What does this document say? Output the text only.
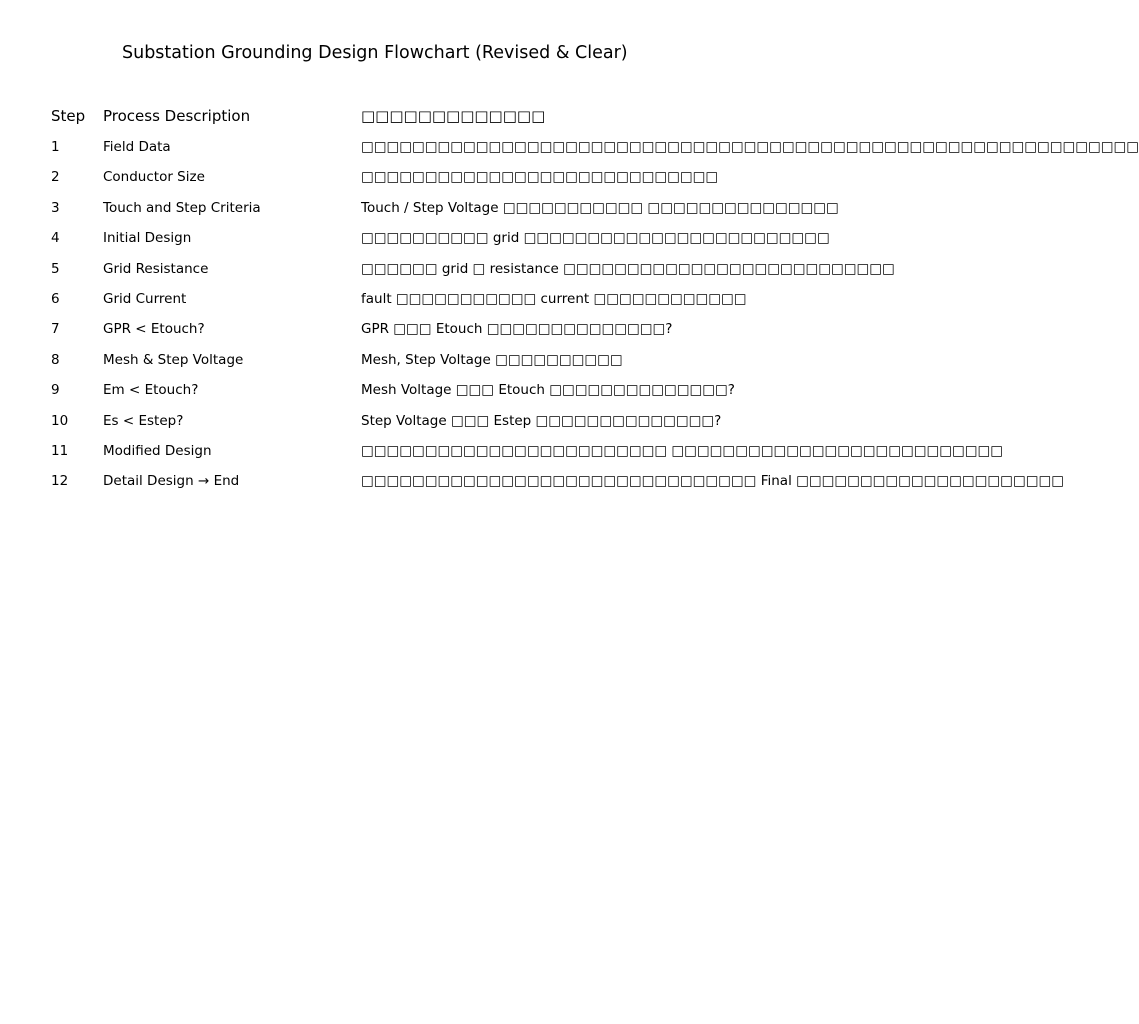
Substation Grounding Design Flowchart (Revised & Clear)
Step Process Description	□□□□□□□□□□□□□
1	Field Data	□□□□□□□□□□□□□□□□□□□□□□□□□□□□□□□□□□□□□□□□□□□□□□□□□□□□□□□□□□□□□
2	Conductor Size	□□□□□□□□□□□□□□□□□□□□□□□□□□□□
3	Touch and Step Criteria	Touch / Step Voltage □□□□□□□□□□□ □□□□□□□□□□□□□□□
4	Initial Design	□□□□□□□□□□ grid □□□□□□□□□□□□□□□□□□□□□□□□
5	Grid Resistance	□□□□□□ grid □ resistance □□□□□□□□□□□□□□□□□□□□□□□□□□
6	Grid Current	fault □□□□□□□□□□□ current □□□□□□□□□□□□
7	GPR < Etouch?	GPR □□□ Etouch □□□□□□□□□□□□□□?
8	Mesh & Step Voltage	Mesh, Step Voltage □□□□□□□□□□
9	Em < Etouch?	Mesh Voltage □□□ Etouch □□□□□□□□□□□□□□?
10	Es < Estep?	Step Voltage □□□ Estep □□□□□□□□□□□□□□?
11	Modified Design	□□□□□□□□□□□□□□□□□□□□□□□□ □□□□□□□□□□□□□□□□□□□□□□□□□□
12	Detail Design → End	□□□□□□□□□□□□□□□□□□□□□□□□□□□□□□□ Final □□□□□□□□□□□□□□□□□□□□□
